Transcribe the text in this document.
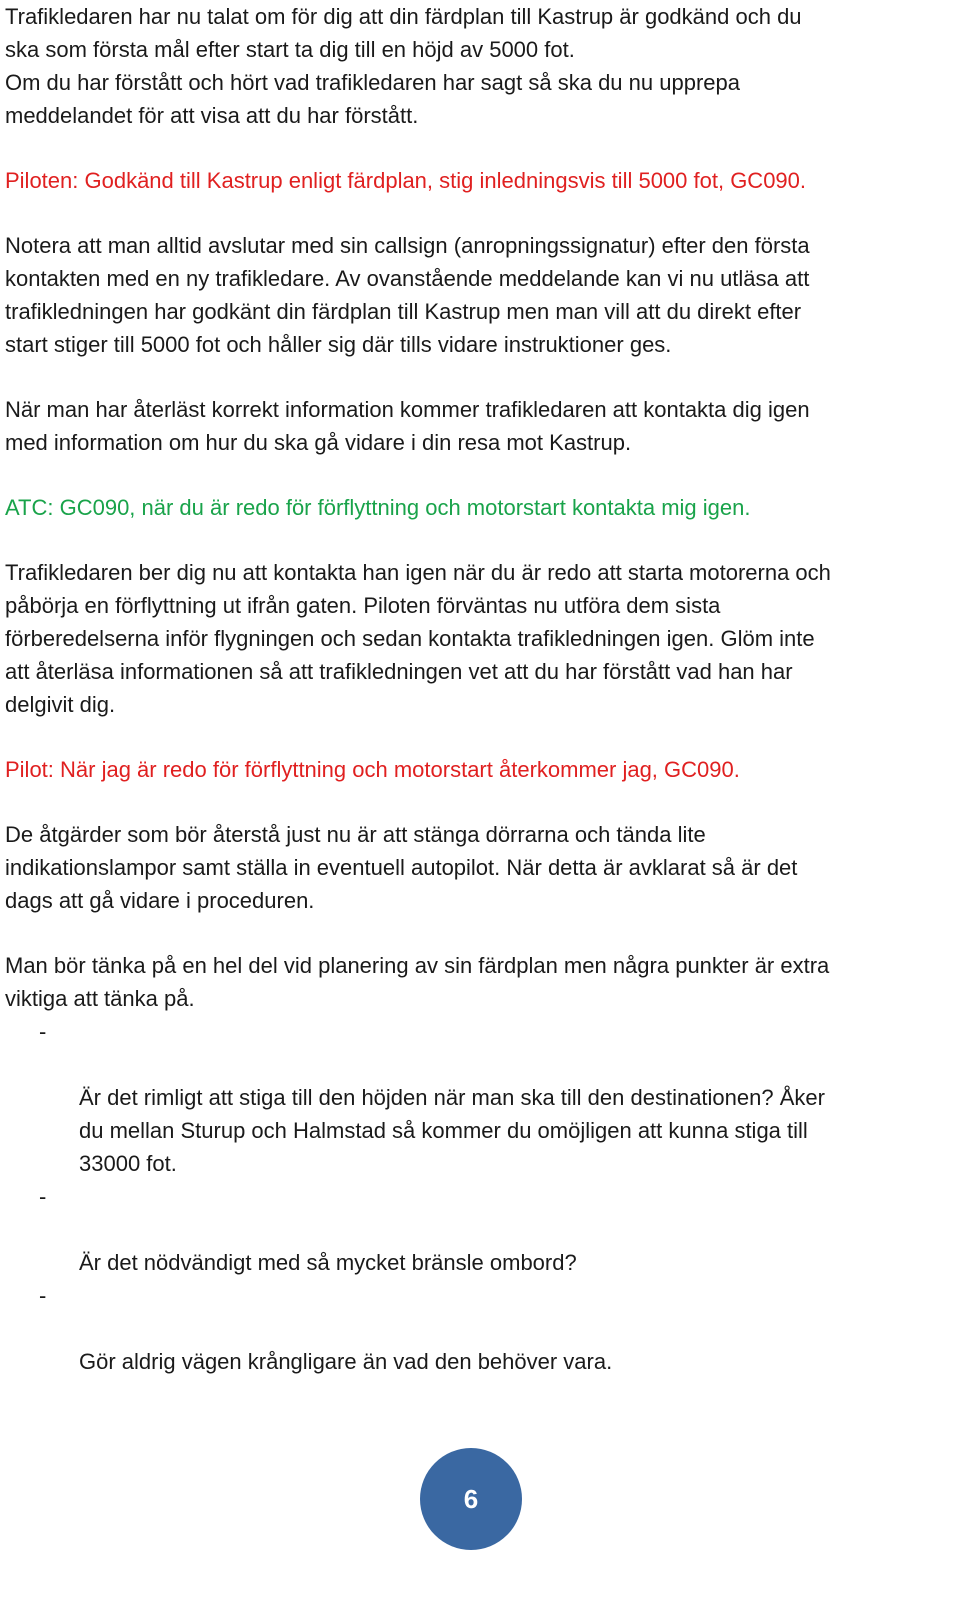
Trafikledaren har nu talat om för dig att din färdplan till Kastrup är godkänd och du
ska som första mål efter start ta dig till en höjd av 5000 fot.
Om du har förstått och hört vad trafikledaren har sagt så ska du nu upprepa
meddelandet för att visa att du har förstått.

Piloten: Godkänd till Kastrup enligt färdplan, stig inledningsvis till 5000 fot, GC090.

Notera att man alltid avslutar med sin callsign (anropningssignatur) efter den första
kontakten med en ny trafikledare. Av ovanstående meddelande kan vi nu utläsa att
trafikledningen har godkänt din färdplan till Kastrup men man vill att du direkt efter
start stiger till 5000 fot och håller sig där tills vidare instruktioner ges.

När man har återläst korrekt information kommer trafikledaren att kontakta dig igen
med information om hur du ska gå vidare i din resa mot Kastrup.

ATC: GC090, när du är redo för förflyttning och motorstart kontakta mig igen.

Trafikledaren ber dig nu att kontakta han igen när du är redo att starta motorerna och
påbörja en förflyttning ut ifrån gaten. Piloten förväntas nu utföra dem sista
förberedelserna inför flygningen och sedan kontakta trafikledningen igen. Glöm inte
att återläsa informationen så att trafikledningen vet att du har förstått vad han har
delgivit dig.

Pilot: När jag är redo för förflyttning och motorstart återkommer jag, GC090.

De åtgärder som bör återstå just nu är att stänga dörrarna och tända lite
indikationslampor samt ställa in eventuell autopilot. När detta är avklarat så är det
dags att gå vidare i proceduren.

Man bör tänka på en hel del vid planering av sin färdplan men några punkter är extra
viktiga att tänka på.

-

Är det rimligt att stiga till den höjden när man ska till den destinationen? Åker
du mellan Sturup och Halmstad så kommer du omöjligen att kunna stiga till
33000 fot.

-

Är det nödvändigt med så mycket bränsle ombord?

-

Gör aldrig vägen krångligare än vad den behöver vara.

6
